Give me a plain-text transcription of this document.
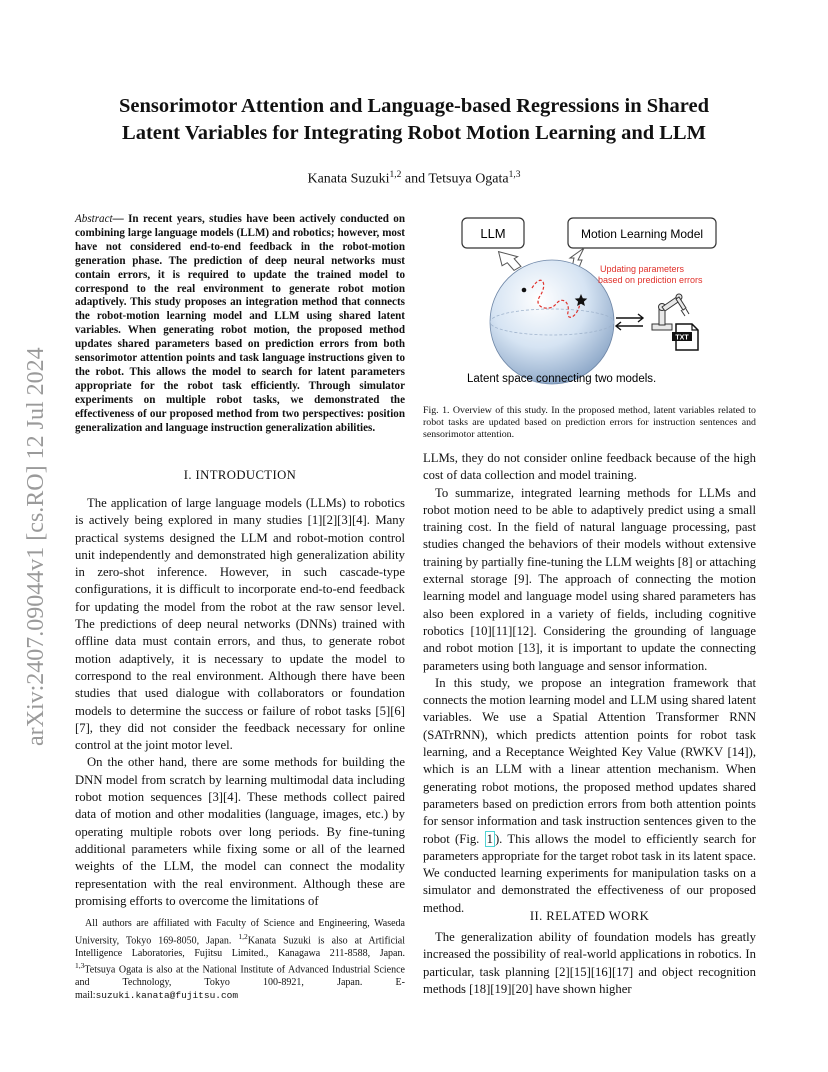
arXiv:2407.09044v1 [cs.RO] 12 Jul 2024
Sensorimotor Attention and Language-based Regressions in Shared
Latent Variables for Integrating Robot Motion Learning and LLM
Kanata Suzuki$^{1,2}$ and Tetsuya Ogata$^{1,3}$
Abstract— In recent years, studies have been actively conducted on combining large language models (LLM) and robotics; however, most have not considered end-to-end feedback in the robot-motion generation phase. The prediction of deep neural networks must contain errors, it is required to update the trained model to correspond to the real environment to generate robot motion adaptively. This study proposes an integration method that connects the robot-motion learning model and LLM using shared latent variables. When generating robot motion, the proposed method updates shared parameters based on prediction errors from both sensorimotor attention points and task language instructions given to the robot. This allows the model to search for latent parameters appropriate for the robot task efficiently. Through simulator experiments on multiple robot tasks, we demonstrated the effectiveness of our proposed method from two perspectives: position generalization and language instruction generalization abilities.
I. INTRODUCTION

The application of large language models (LLMs) to robotics is actively being explored in many studies [1][2][3][4]. Many practical systems designed the LLM and robot-motion control unit independently and demonstrated high generalization ability in zero-shot inference. However, in such cascade-type configurations, it is difficult to incorporate end-to-end feedback for updating the model from the robot at the raw sensor level. The predictions of deep neural networks (DNNs) trained with offline data must contain errors, and thus, to generate robot motion adaptively, it is necessary to update the model to correspond to the real environment. Although there have been studies that used dialogue with collaborators or foundation models to determine the success or failure of robot tasks [5][6][7], they did not consider the feedback necessary for online control at the joint motor level.

On the other hand, there are some methods for building the DNN model from scratch by learning multimodal data including robot motion sequences [3][4]. These methods collect paired data of motion and other modalities (language, images, etc.) by operating multiple robots over long periods. By fine-tuning additional parameters while fixing some or all of the learned weights of the LLM, the model can connect the modality representation with the real environment. Although these are promising efforts to overcome the limitations of

All authors are affiliated with Faculty of Science and Engineering, Waseda University, Tokyo 169-8050, Japan. $^{1,2}$Kanata Suzuki is also at Artificial Intelligence Laboratories, Fujitsu Limited., Kanagawa 211-8588, Japan. $^{1,3}$Tetsuya Ogata is also at the National Institute of Advanced Industrial Science and Technology, Tokyo 100-8921, Japan. E-mail:suzuki.kanata@fujitsu.com

LLM	Motion Learning Model
Updating parameters
based on prediction errors
TXT
Latent space connecting two models.
Fig. 1. Overview of this study. In the proposed method, latent variables related to robot tasks are updated based on prediction errors for instruction sentences and sensorimotor attention.

LLMs, they do not consider online feedback because of the high cost of data collection and model training.

To summarize, integrated learning methods for LLMs and robot motion need to be able to adaptively predict using a small training cost. In the field of natural language processing, past studies changed the behaviors of their models without extensive training by partially fine-tuning the LLM weights [8] or attaching external storage [9]. The approach of connecting the motion learning model and language model using shared parameters has also been explored in a variety of fields, including cognitive robotics [10][11][12]. Considering the grounding of language and robot motion [13], it is important to update the connecting parameters using both language and sensor information.

In this study, we propose an integration framework that connects the motion learning model and LLM using shared latent variables. We use a Spatial Attention Transformer RNN (SATrRNN), which predicts attention points for robot task learning, and a Receptance Weighted Key Value (RWKV [14]), which is an LLM with a linear attention mechanism. When generating robot motions, the proposed method updates shared parameters based on prediction errors from both attention points for sensor information and task instruction sentences given to the robot (Fig. 1 ). This allows the model to efficiently search for parameters appropriate for the target robot task in its latent space. We conducted learning experiments for manipulation tasks on a simulator and demonstrated the effectiveness of our proposed method.

II. RELATED WORK

The generalization ability of foundation models has greatly increased the possibility of real-world applications in robotics. In particular, task planning [2][15][16][17] and object recognition methods [18][19][20] have shown higher
